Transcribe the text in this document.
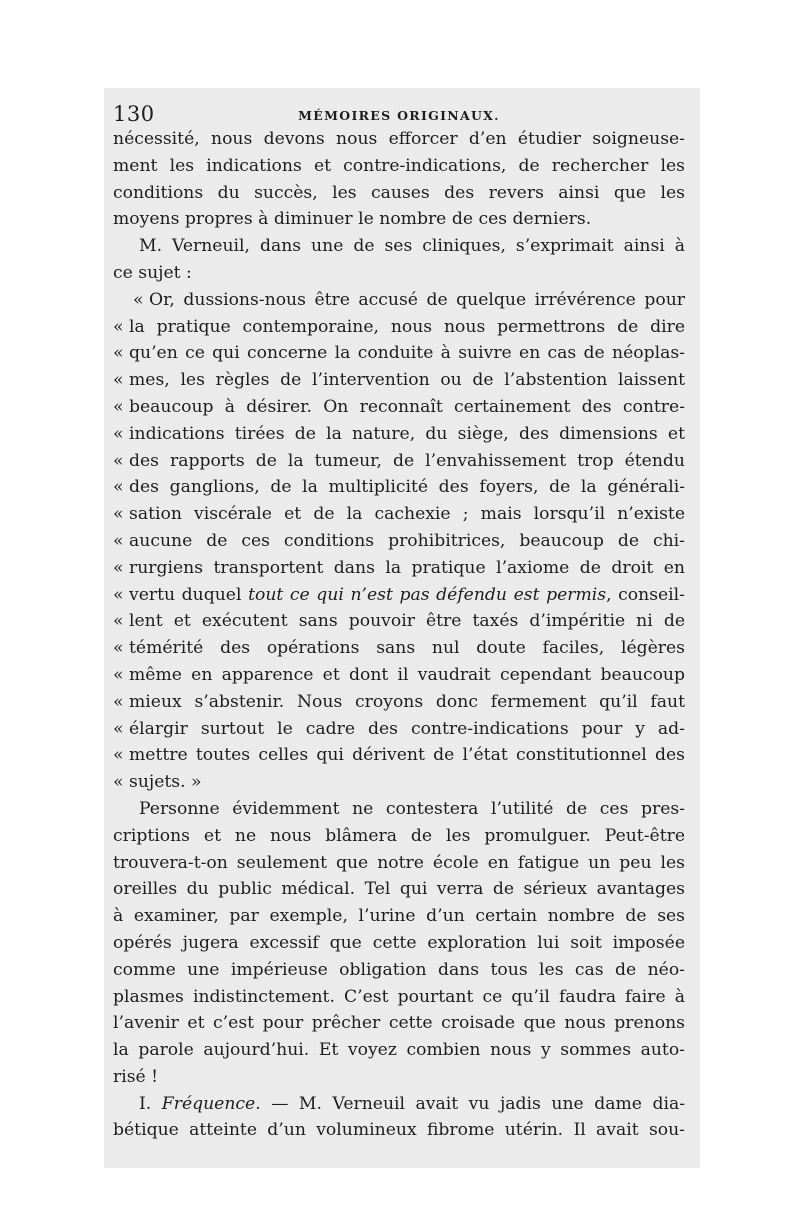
130	MÉMOIRES ORIGINAUX.
nécessité, nous devons nous efforcer d’en étudier soigneuse-
ment les indications et contre-indications, de rechercher les
conditions du succès, les causes des revers ainsi que les
moyens propres à diminuer le nombre de ces derniers.
M. Verneuil, dans une de ses cliniques, s’exprimait ainsi à
ce sujet :
« Or, dussions-nous être accusé de quelque irrévérence pour
« la pratique contemporaine, nous nous permettrons de dire
« qu’en ce qui concerne la conduite à suivre en cas de néoplas-
« mes, les règles de l’intervention ou de l’abstention laissent
« beaucoup à désirer. On reconnaît certainement des contre-
« indications tirées de la nature, du siège, des dimensions et
« des rapports de la tumeur, de l’envahissement trop étendu
« des ganglions, de la multiplicité des foyers, de la générali-
« sation viscérale et de la cachexie ; mais lorsqu’il n’existe
« aucune de ces conditions prohibitrices, beaucoup de chi-
« rurgiens transportent dans la pratique l’axiome de droit en
« vertu duquel tout ce qui n’est pas défendu est permis, conseil-
« lent et exécutent sans pouvoir être taxés d’impéritie ni de
« témérité des opérations sans nul doute faciles, légères
« même en apparence et dont il vaudrait cependant beaucoup
« mieux s’abstenir. Nous croyons donc fermement qu’il faut
« élargir surtout le cadre des contre-indications pour y ad-
« mettre toutes celles qui dérivent de l’état constitutionnel des
« sujets. »
Personne évidemment ne contestera l’utilité de ces pres-
criptions et ne nous blâmera de les promulguer. Peut-être
trouvera-t-on seulement que notre école en fatigue un peu les
oreilles du public médical. Tel qui verra de sérieux avantages
à examiner, par exemple, l’urine d’un certain nombre de ses
opérés jugera excessif que cette exploration lui soit imposée
comme une impérieuse obligation dans tous les cas de néo-
plasmes indistinctement. C’est pourtant ce qu’il faudra faire à
l’avenir et c’est pour prêcher cette croisade que nous prenons
la parole aujourd’hui. Et voyez combien nous y sommes auto-
risé !
I. Fréquence. — M. Verneuil avait vu jadis une dame dia-
bétique atteinte d’un volumineux fibrome utérin. Il avait sou-
